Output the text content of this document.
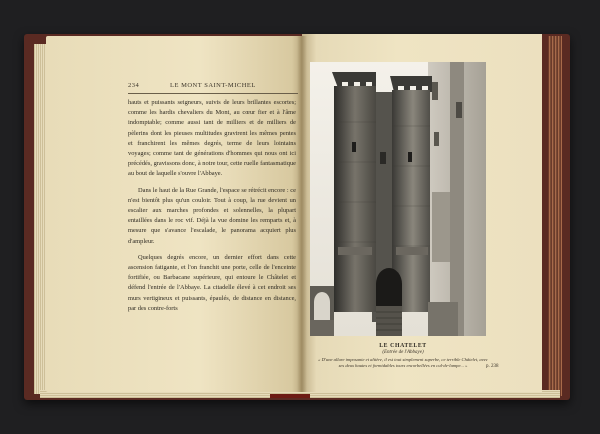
234	LE MONT SAINT-MICHEL

hauts et puissants seigneurs, suivis de leurs brillantes escortes; comme les hardis chevaliers du Mont, au cœur fier et à l'âme indomptable; comme aussi tant de milliers et de milliers de pèlerins dont les pieuses multitudes gravirent les mêmes pentes et franchirent les mêmes degrés, terme de leurs lointains voyages; comme tant de générations d'hommes qui nous ont ici précédés, gravissons donc, à notre tour, cette ruelle fantasmatique au bout de laquelle s'ouvre l'Abbaye.

Dans le haut de la Rue Grande, l'espace se rétrécit encore : ce n'est bientôt plus qu'un couloir. Tout à coup, la rue devient un escalier aux marches profondes et solennelles, la plupart entaillées dans le roc vif. Déjà la vue domine les remparts et, à mesure que s'avance l'escalade, le panorama acquiert plus d'ampleur.

Quelques degrés encore, un dernier effort dans cette ascension fatigante, et l'on franchit une porte, celle de l'enceinte fortifiée, ou Barbacane supérieure, qui entoure le Châtelet et défend l'entrée de l'Abbaye. La citadelle élevé à cet endroit ses murs vertigineux et puissants, épaulés, de distance en distance, par des contre-forts

LE CHATELET
(Entrée de l'Abbaye)
« D'une allure imposante et altière, il est tout simplement superbe, ce terrible Châtelet, avec ses deux hautes et formidables tours encorbellées en cul-de-lampe... »	p. 238
